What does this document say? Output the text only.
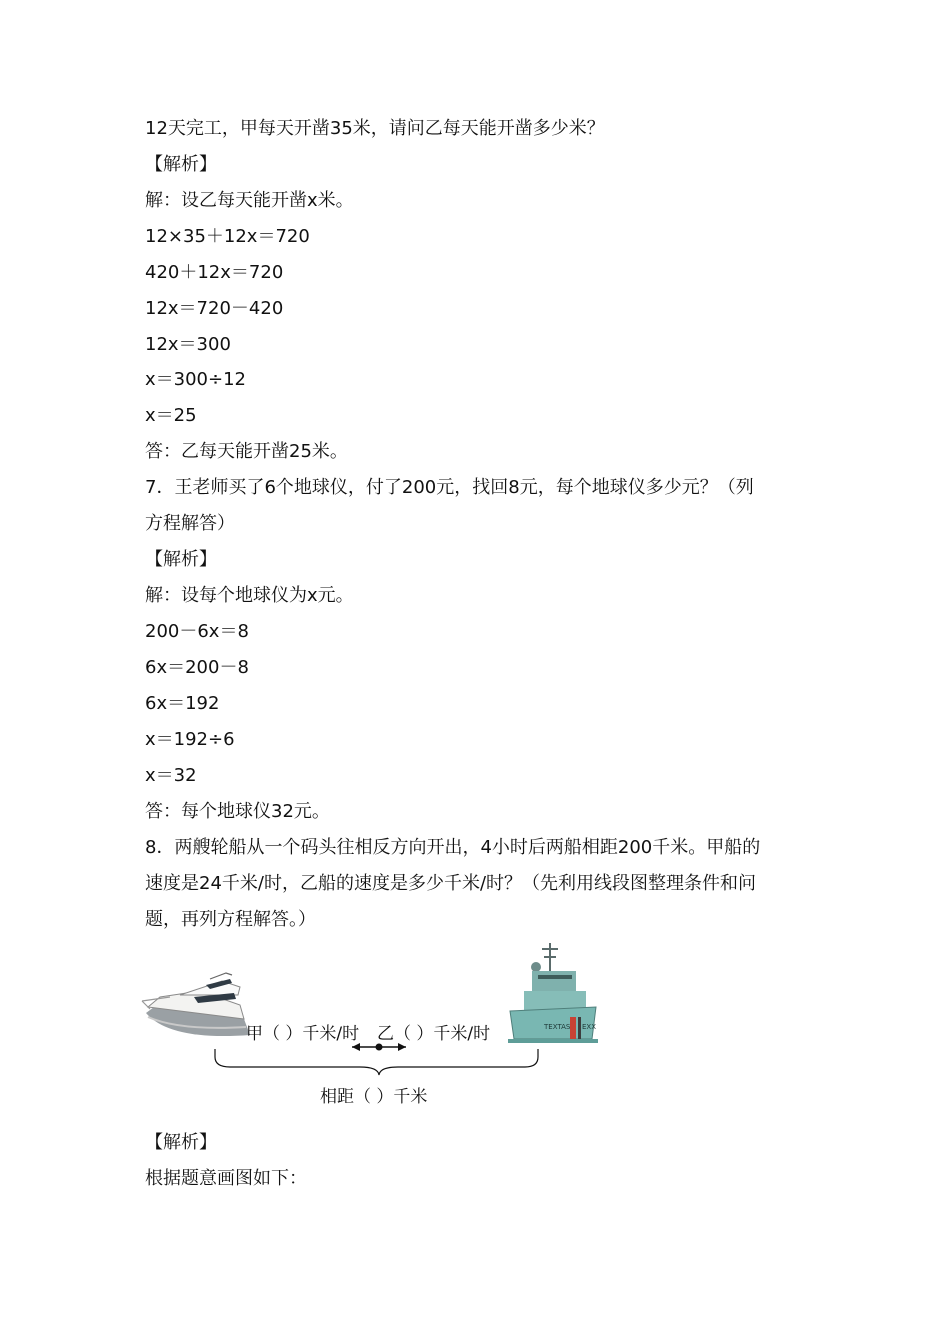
12天完工，甲每天开凿35米，请问乙每天能开凿多少米？
【解析】
解：设乙每天能开凿x米。
12×35＋12x＝720
420＋12x＝720
12x＝720－420
12x＝300
x＝300÷12
x＝25
答：乙每天能开凿25米。
7．王老师买了6个地球仪，付了200元，找回8元，每个地球仪多少元？（列
方程解答）
【解析】
解：设每个地球仪为x元。
200－6x＝8
6x＝200－8
6x＝192
x＝192÷6
x＝32
答：每个地球仪32元。
8．两艘轮船从一个码头往相反方向开出，4小时后两船相距200千米。甲船的
速度是24千米/时，乙船的速度是多少千米/时？（先利用线段图整理条件和问
题，再列方程解答。）
TEXTAS EXX
甲（ ）千米/时 乙（ ）千米/时
相距（ ）千米
【解析】
根据题意画图如下：
